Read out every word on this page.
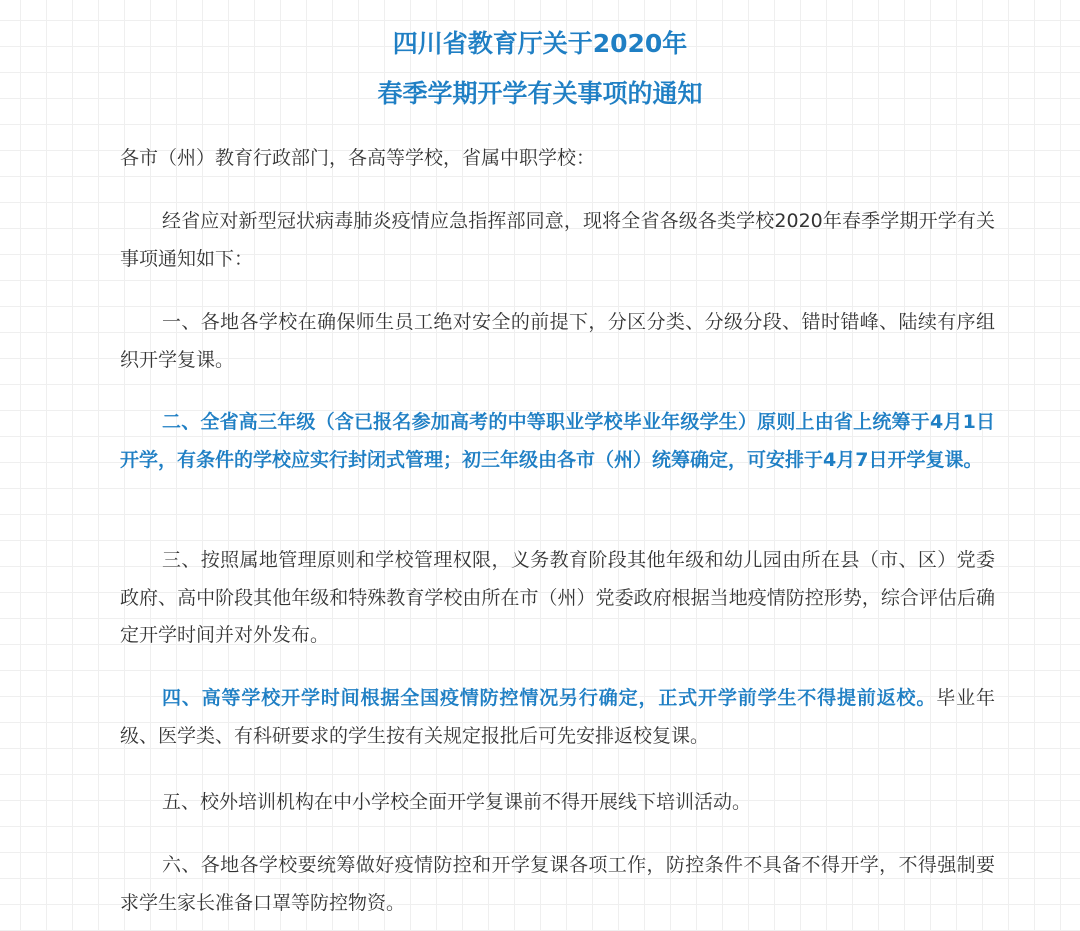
四川省教育厅关于2020年
春季学期开学有关事项的通知

各市（州）教育行政部门，各高等学校，省属中职学校：

经省应对新型冠状病毒肺炎疫情应急指挥部同意，现将全省各级各类学校2020年春季学期开学有关事项通知如下：

一、各地各学校在确保师生员工绝对安全的前提下，分区分类、分级分段、错时错峰、陆续有序组织开学复课。

二、全省高三年级（含已报名参加高考的中等职业学校毕业年级学生）原则上由省上统筹于4月1日开学，有条件的学校应实行封闭式管理；初三年级由各市（州）统筹确定，可安排于4月7日开学复课。

三、按照属地管理原则和学校管理权限，义务教育阶段其他年级和幼儿园由所在县（市、区）党委政府、高中阶段其他年级和特殊教育学校由所在市（州）党委政府根据当地疫情防控形势，综合评估后确定开学时间并对外发布。

四、高等学校开学时间根据全国疫情防控情况另行确定，正式开学前学生不得提前返校。毕业年级、医学类、有科研要求的学生按有关规定报批后可先安排返校复课。

五、校外培训机构在中小学校全面开学复课前不得开展线下培训活动。

六、各地各学校要统筹做好疫情防控和开学复课各项工作，防控条件不具备不得开学，不得强制要求学生家长准备口罩等防控物资。
